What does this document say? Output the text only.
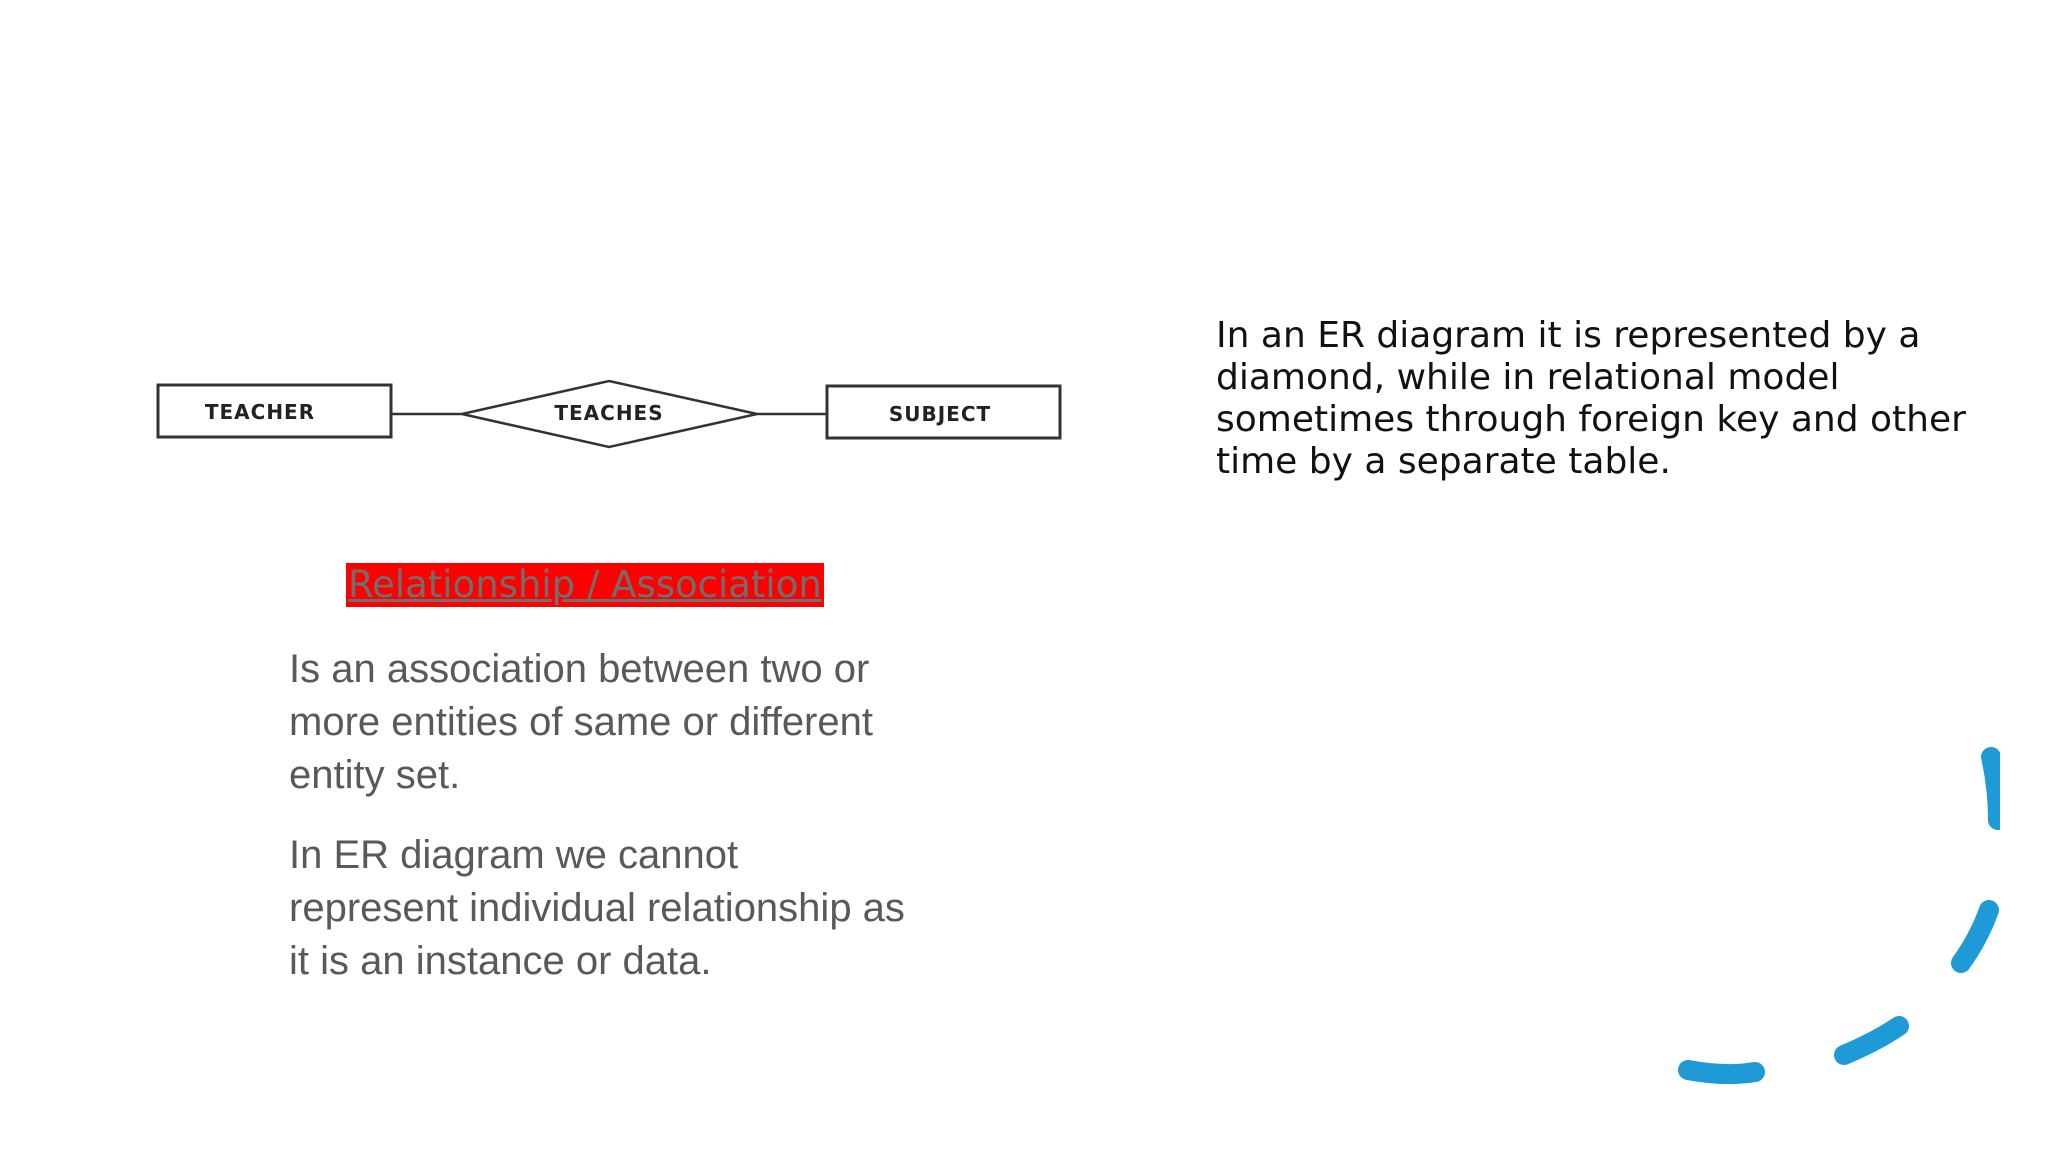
TEACHER	TEACHES	SUBJECT
Relationship / Association

Is an association between two or more entities of same or different entity set.

In ER diagram we cannot represent individual relationship as it is an instance or data.

In an ER diagram it is represented by a diamond, while in relational model sometimes through foreign key and other time by a separate table.
